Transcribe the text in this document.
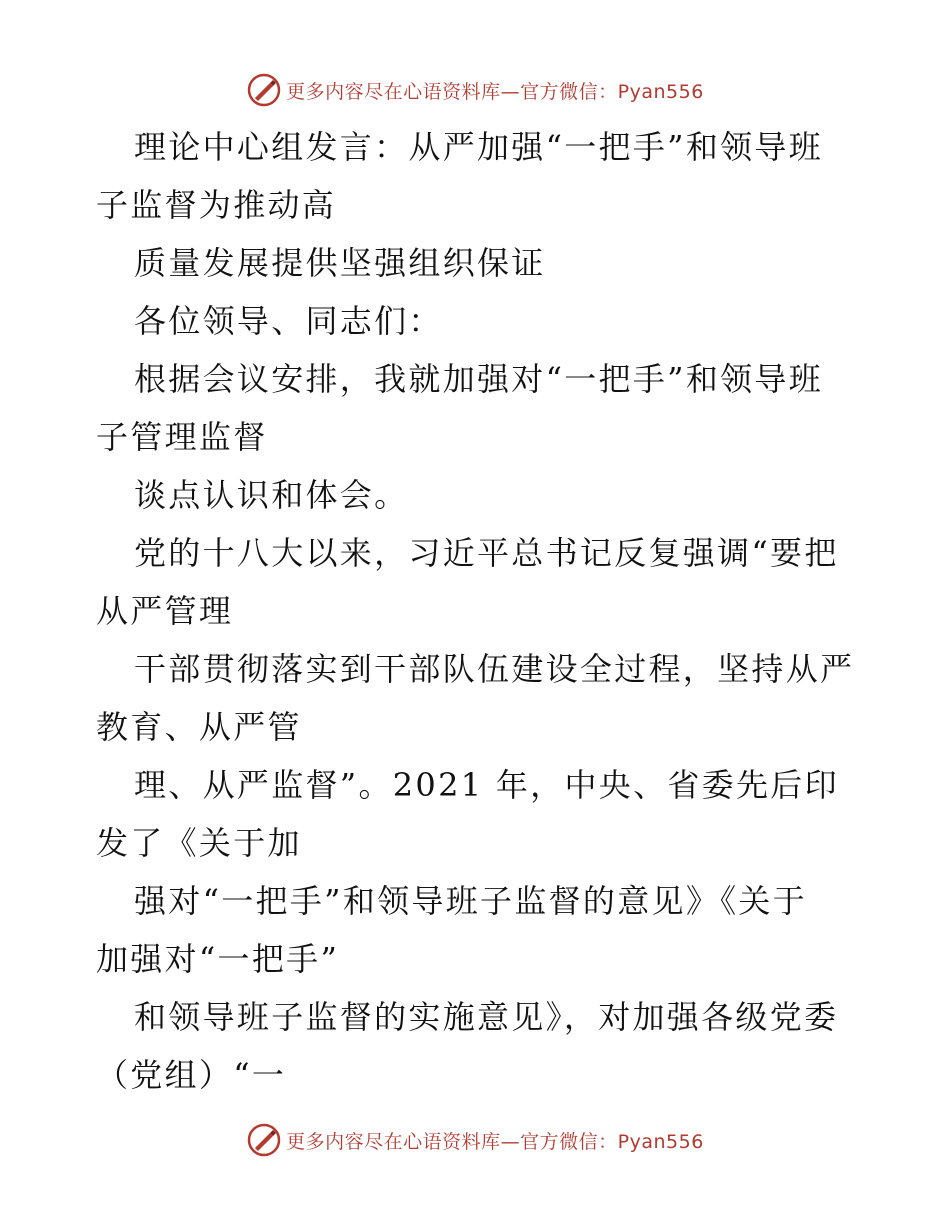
更多内容尽在心语资料库—官方微信：Pyan556
理论中心组发言：从严加强“一把手”和领导班
子监督为推动高
质量发展提供坚强组织保证
各位领导、同志们：
根据会议安排，我就加强对“一把手”和领导班
子管理监督
谈点认识和体会。
党的十八大以来，习近平总书记反复强调“要把
从严管理
干部贯彻落实到干部队伍建设全过程，坚持从严
教育、从严管
理、从严监督”。2021 年，中央、省委先后印
发了《关于加
强对“一把手”和领导班子监督的意见》《关于
加强对“一把手”
和领导班子监督的实施意见》，对加强各级党委
（党组）“一
更多内容尽在心语资料库—官方微信：Pyan556
